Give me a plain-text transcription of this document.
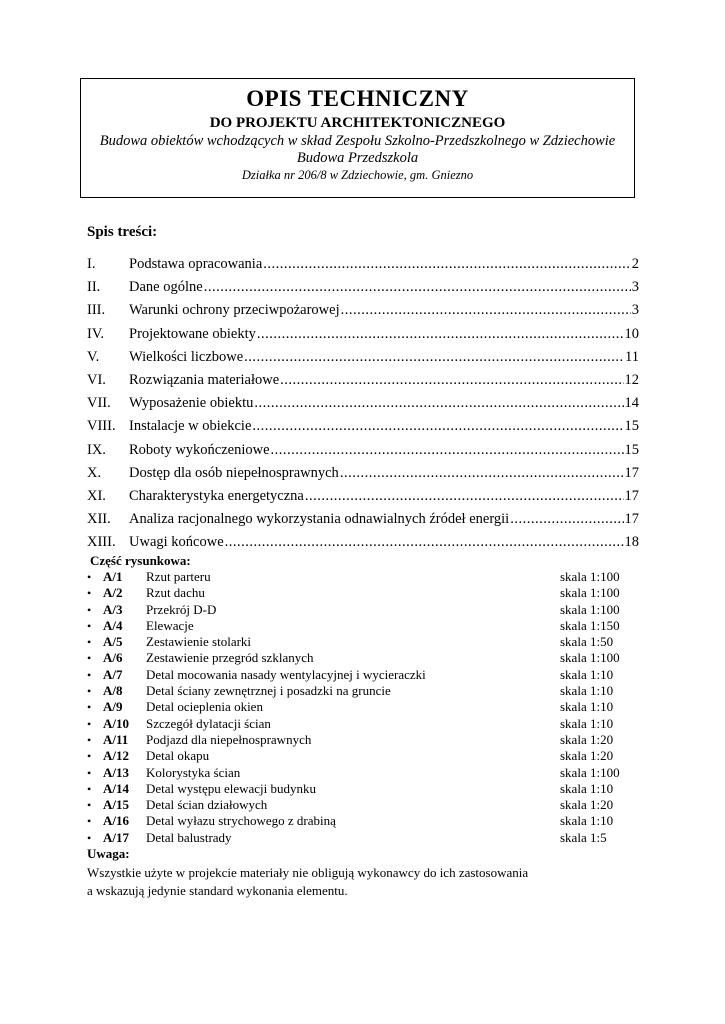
OPIS TECHNICZNY
DO PROJEKTU ARCHITEKTONICZNEGO
Budowa obiektów wchodzących w skład Zespołu Szkolno-Przedszkolnego w Zdziechowie
Budowa Przedszkola
Działka nr 206/8 w Zdziechowie, gm. Gniezno
Spis treści:
I.	Podstawa opracowania .....	2
II.	Dane ogólne .....	3
III.	Warunki ochrony przeciwpożarowej .....	3
IV.	Projektowane obiekty .....	10
V.	Wielkości liczbowe .....	11
VI.	Rozwiązania materiałowe .....	12
VII.	Wyposażenie obiektu .....	14
VIII. Instalacje w obiekcie .....	15
IX.	Roboty wykończeniowe .....	15
X.	Dostęp dla osób niepełnosprawnych .....	17
XI.	Charakterystyka energetyczna .....	17
XII.	Analiza racjonalnego wykorzystania odnawialnych źródeł energii .....	17
XIII. Uwagi końcowe .....	18
Część rysunkowa:
• A/1	Rzut parteru	skala 1:100
• A/2	Rzut dachu	skala 1:100
• A/3	Przekrój D-D	skala 1:100
• A/4	Elewacje	skala 1:150
• A/5	Zestawienie stolarki	skala 1:50
• A/6	Zestawienie przegród szklanych	skala 1:100
• A/7	Detal mocowania nasady wentylacyjnej i wycieraczki	skala 1:10
• A/8	Detal ściany zewnętrznej i posadzki na gruncie	skala 1:10
• A/9	Detal ocieplenia okien	skala 1:10
• A/10	Szczegół dylatacji ścian	skala 1:10
• A/11	Podjazd dla niepełnosprawnych	skala 1:20
• A/12	Detal okapu	skala 1:20
• A/13	Kolorystyka ścian	skala 1:100
• A/14	Detal występu elewacji budynku	skala 1:10
• A/15	Detal ścian działowych	skala 1:20
• A/16	Detal wyłazu strychowego z drabiną	skala 1:10
• A/17	Detal balustrady	skala 1:5
Uwaga:
Wszystkie użyte w projekcie materiały nie obligują wykonawcy do ich zastosowania
a wskazują jedynie standard wykonania elementu.
